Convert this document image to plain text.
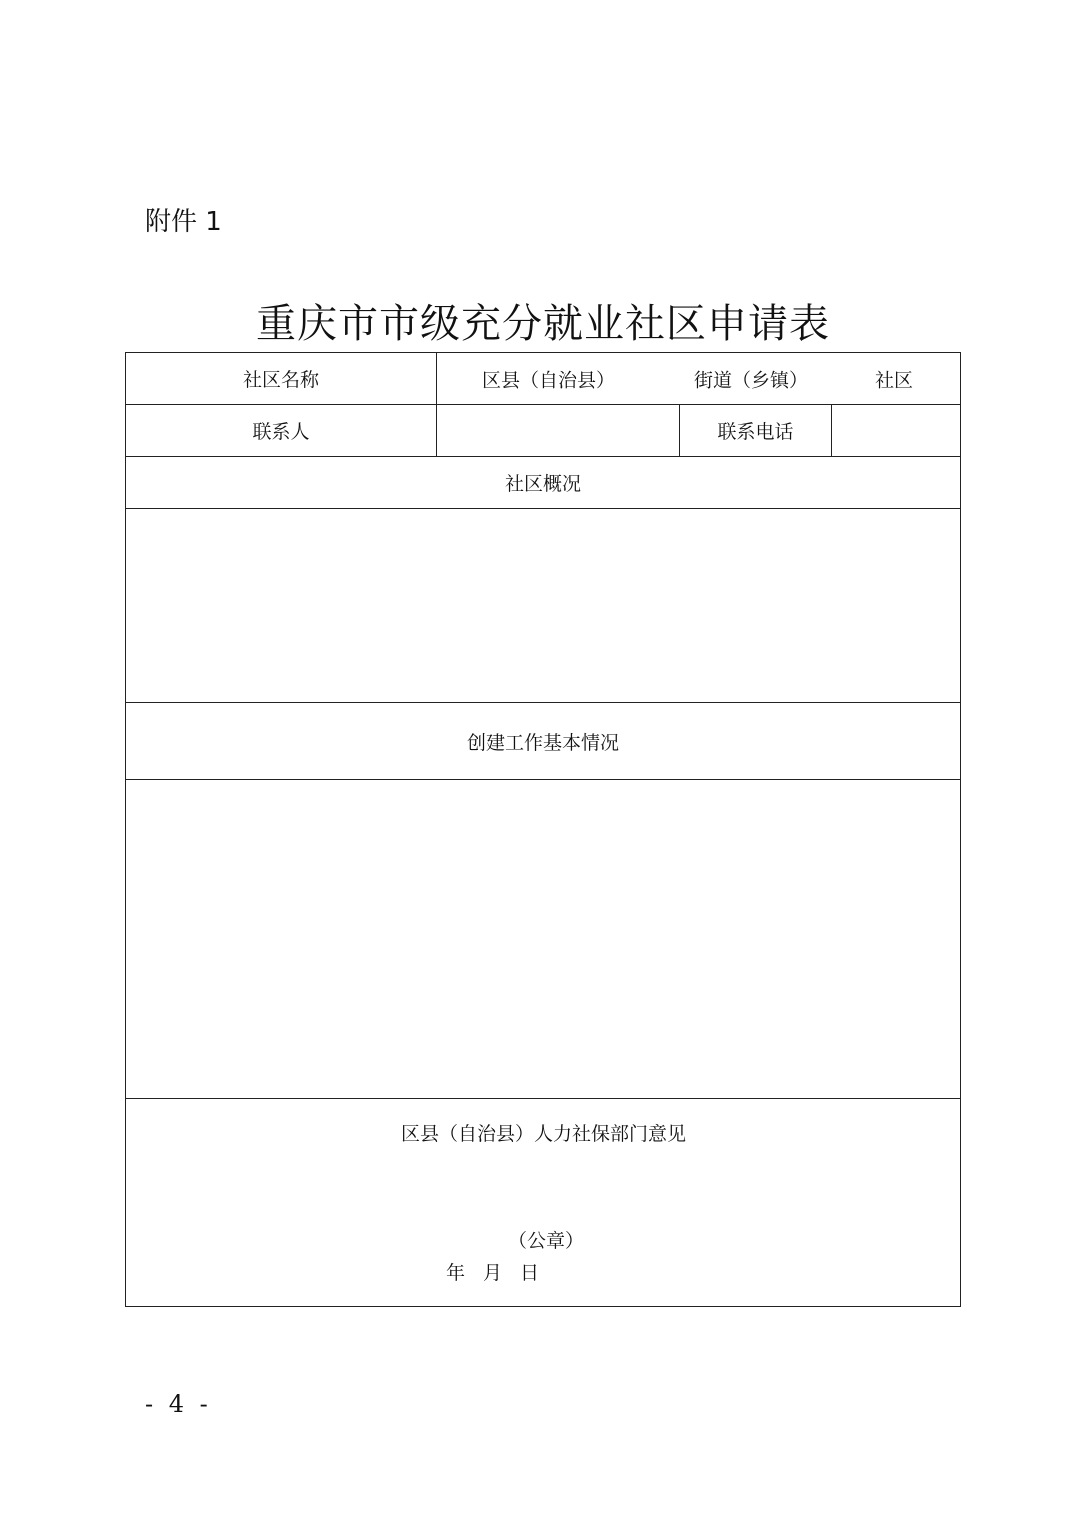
附件 1
重庆市市级充分就业社区申请表
社区名称	区县（自治县） 街道（乡镇） 社区		

联系人		联系电话	
社区概况			

创建工作基本情况			

区县（自治县）人力社保部门意见
（公章）
年 月 日			
- 4 -
